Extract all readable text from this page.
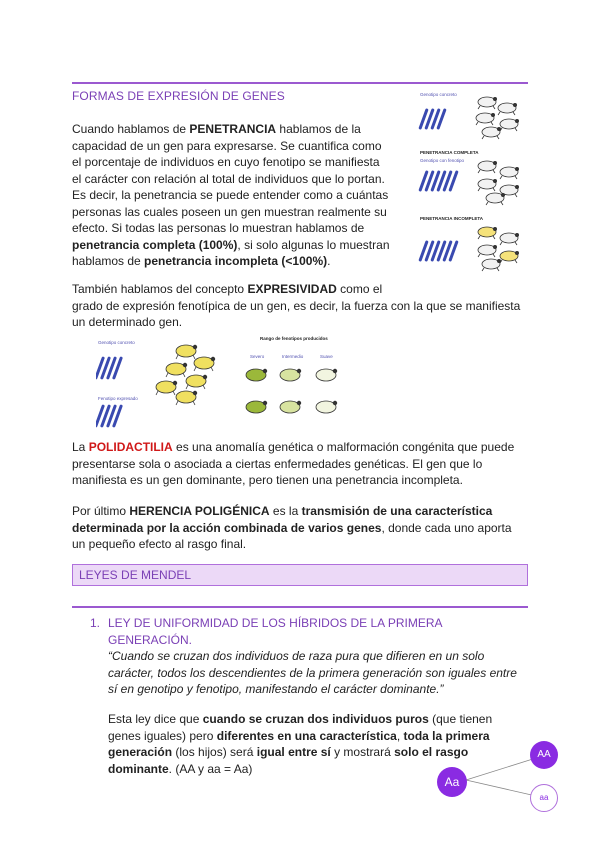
FORMAS DE EXPRESIÓN DE GENES
Cuando hablamos de PENETRANCIA hablamos de la
capacidad de un gen para expresarse. Se cuantifica como
el porcentaje de individuos en cuyo fenotipo se manifiesta
el carácter con relación al total de individuos que lo portan.
Es decir, la penetrancia se puede entender como a cuántas
personas las cuales poseen un gen muestran realmente su
efecto. Si todas las personas lo muestran hablamos de
penetrancia completa (100%), si solo algunas lo muestran
hablamos de penetrancia incompleta (<100%).
Genotipo concreto
PENETRANCIA COMPLETA
Genotipo con fenotipo
PENETRANCIA INCOMPLETA
También hablamos del concepto EXPRESIVIDAD como el
grado de expresión fenotípica de un gen, es decir, la fuerza con la que se manifiesta
un determinado gen.
Genotipo concreto
Fenotipo expresado
Rango de fenotipos producidos
Severo	Intermedio	Suave
La POLIDACTILIA es una anomalía genética o malformación congénita que puede
presentarse sola o asociada a ciertas enfermedades genéticas. El gen que lo
manifiesta es un gen dominante, pero tienen una penetrancia incompleta.
Por último HERENCIA POLIGÉNICA es la transmisión de una característica
determinada por la acción combinada de varios genes, donde cada uno aporta
un pequeño efecto al rasgo final.
LEYES DE MENDEL
1. LEY DE UNIFORMIDAD DE LOS HÍBRIDOS DE LA PRIMERA
GENERACIÓN.
“Cuando se cruzan dos individuos de raza pura que difieren en un solo
carácter, todos los descendientes de la primera generación son iguales entre
sí en genotipo y fenotipo, manifestando el carácter dominante.”
Esta ley dice que cuando se cruzan dos individuos puros (que tienen
genes iguales) pero diferentes en una característica, toda la primera
generación (los hijos) será igual entre sí y mostrará solo el rasgo
dominante. (AA y aa = Aa)
AA
Aa
aa
